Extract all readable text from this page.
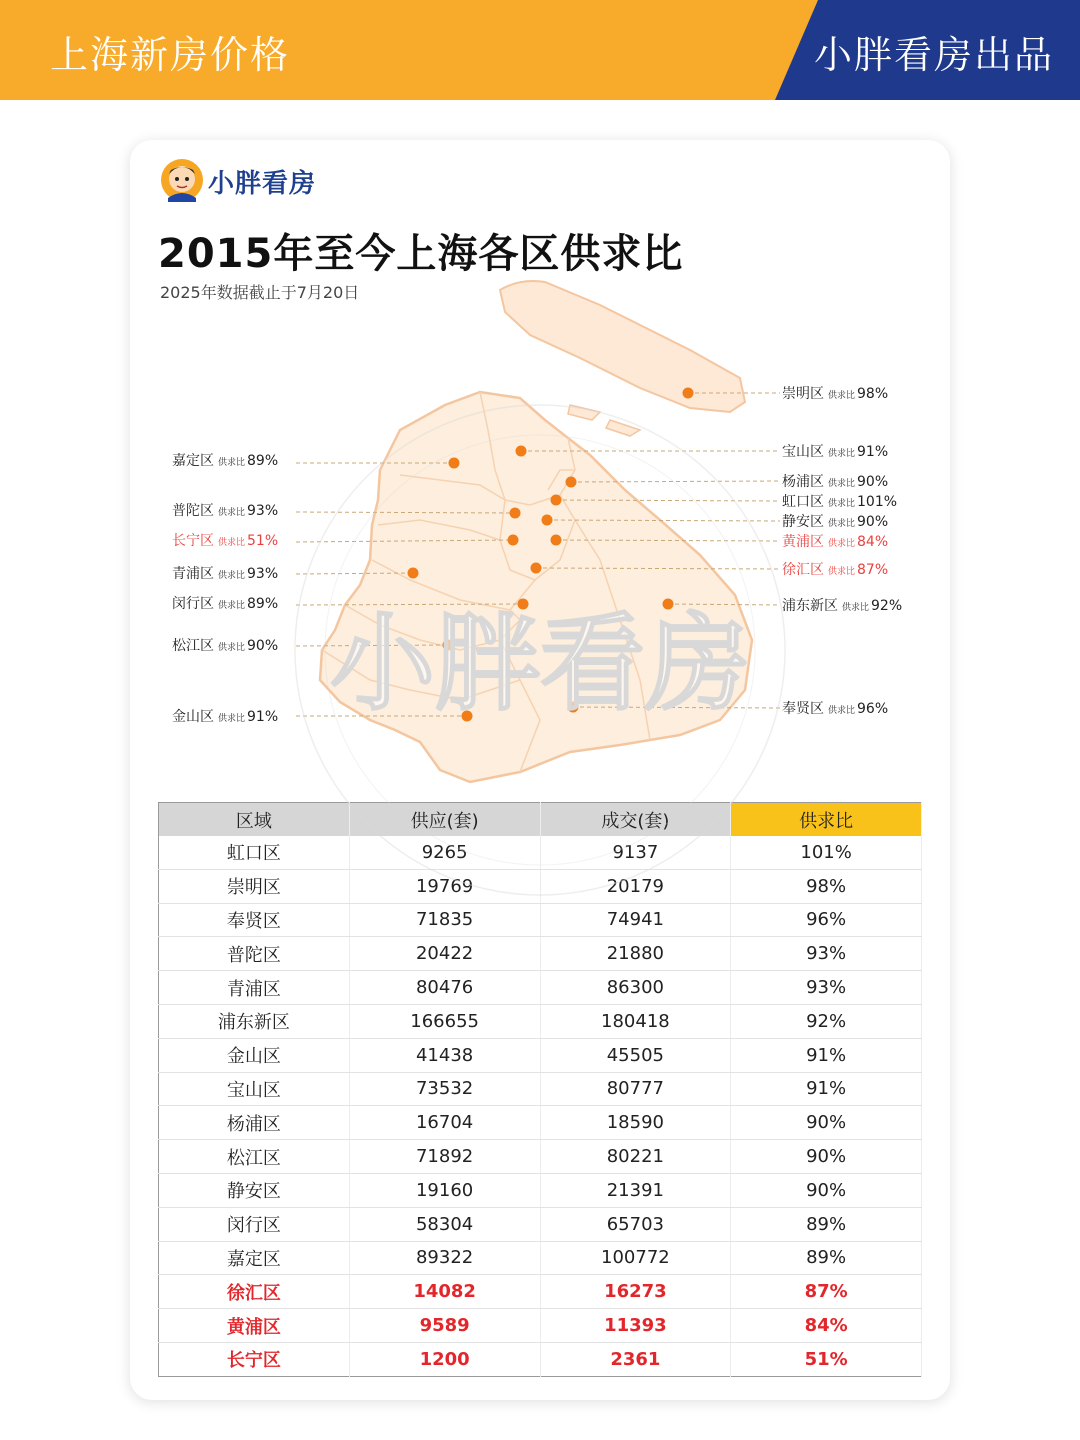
上海新房价格	小胖看房出品
小胖看房
2015年至今上海各区供求比
2025年数据截止于7月20日
嘉定区 供求比 89%
普陀区 供求比 93%
长宁区 供求比 51%
青浦区 供求比 93%
闵行区 供求比 89%
松江区 供求比 90%
金山区 供求比 91%
崇明区 供求比 98%
宝山区 供求比 91%
杨浦区 供求比 90%
虹口区 供求比 101%
静安区 供求比 90%
黄浦区 供求比 84%
徐汇区 供求比 87%
浦东新区 供求比 92%
奉贤区 供求比 96%
区域	供应(套)	成交(套)	供求比
虹口区	9265	9137	101%
崇明区	19769	20179	98%
奉贤区	71835	74941	96%
普陀区	20422	21880	93%
青浦区	80476	86300	93%
浦东新区	166655	180418	92%
金山区	41438	45505	91%
宝山区	73532	80777	91%
杨浦区	16704	18590	90%
松江区	71892	80221	90%
静安区	19160	21391	90%
闵行区	58304	65703	89%
嘉定区	89322	100772	89%
徐汇区	14082	16273	87%
黄浦区	9589	11393	84%
长宁区	1200	2361	51%
小胖看房
